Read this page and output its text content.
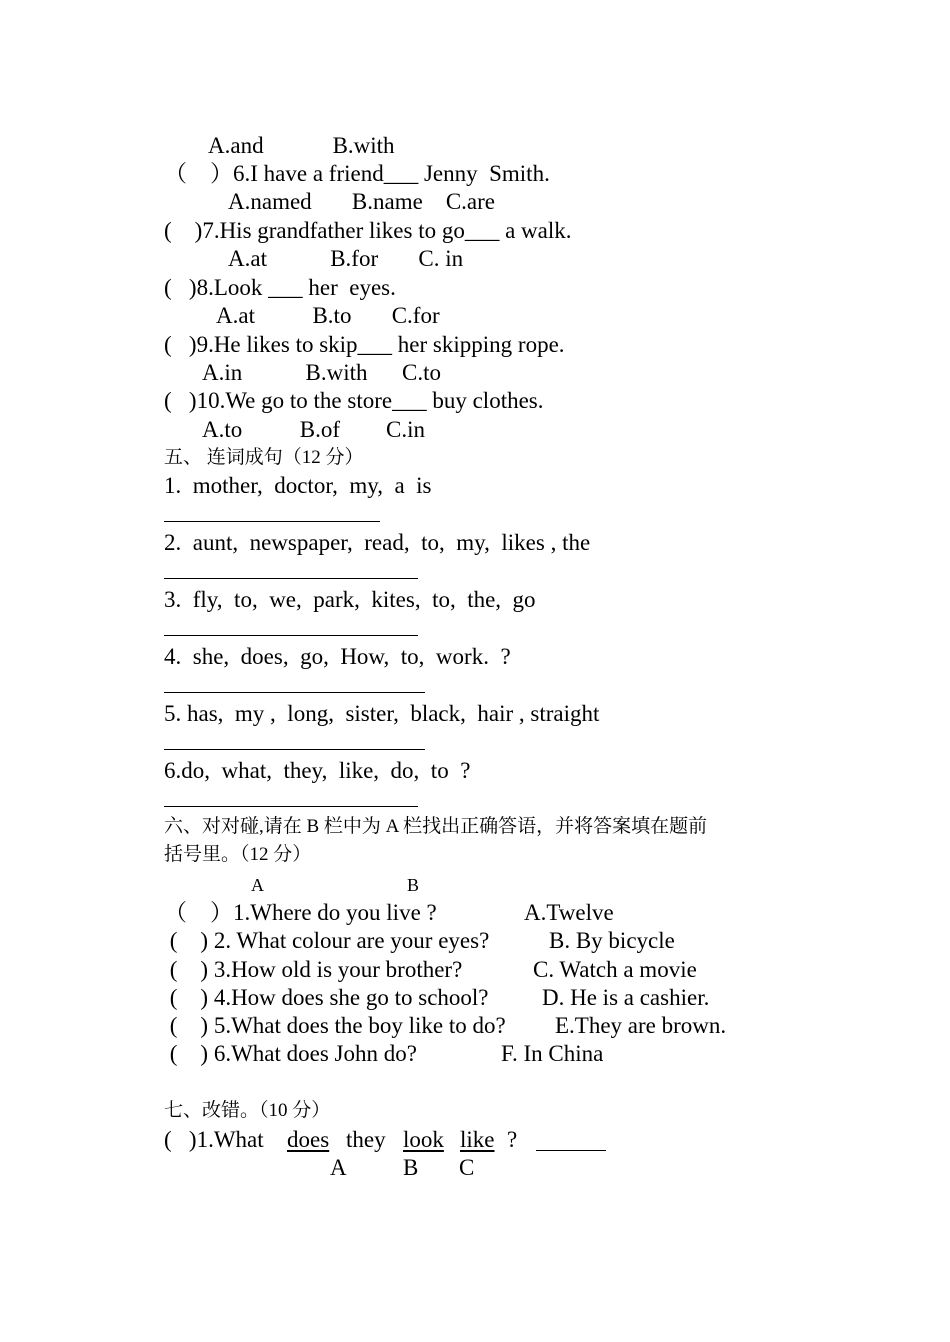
A.and            B.with
（    ）6.I have a friend___ Jenny  Smith.
A.named       B.name    C.are
(    )7.His grandfather likes to go___ a walk.
A.at           B.for       C. in
(   )8.Look ___ her  eyes.
A.at          B.to       C.for
(   )9.He likes to skip___ her skipping rope.
A.in           B.with      C.to
(   )10.We go to the store___ buy clothes.
A.to          B.of        C.in
五、 连词成句（12 分）
1.  mother,  doctor,  my,  a  is
2.  aunt,  newspaper,  read,  to,  my,  likes , the
3.  fly,  to,  we,  park,  kites,  to,  the,  go
4.  she,  does,  go,  How,  to,  work.  ?
5. has,  my ,  long,  sister,  black,  hair , straight
6.do,  what,  they,  like,  do,  to  ?
六、对对碰,请在 B 栏中为 A 栏找出正确答语，并将答案填在题前
括号里。（12 分）
A	B
（    ）1.Where do you live ?	A.Twelve
(    ) 2. What colour are your eyes?	B. By bicycle
(    ) 3.How old is your brother?	C. Watch a movie
(    ) 4.How does she go to school? D. He is a cashier.
(    ) 5.What does the boy like to do? E.They are brown.
(    ) 6.What does John do?	F. In China
七、改错。（10 分）
(   )1.What does they look like ?
A B C
